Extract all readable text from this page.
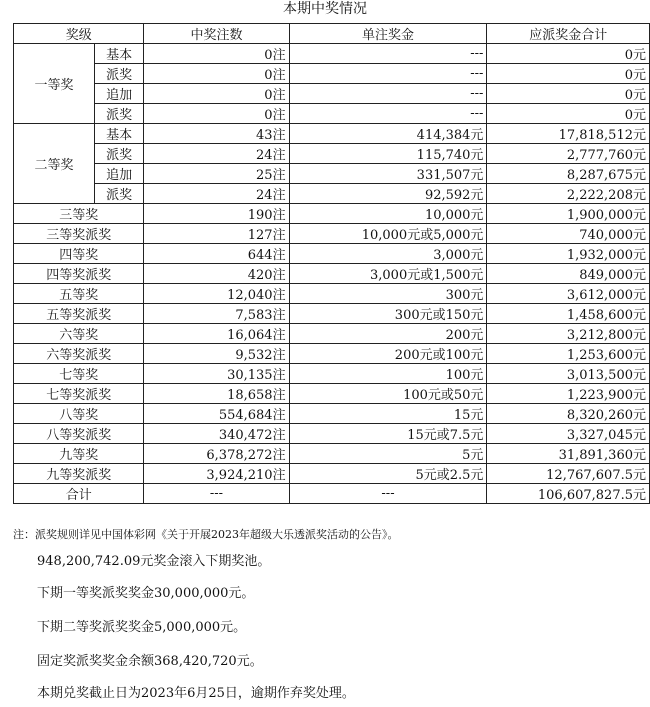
本期中奖情况
奖级		中奖注数	单注奖金	应派奖金合计
一等奖	基本	0注	---	0元
	派奖	0注	---	0元
	追加	0注	---	0元
	派奖	0注	---	0元
二等奖	基本	43注	414,384元	17,818,512元
	派奖	24注	115,740元	2,777,760元
	追加	25注	331,507元	8,287,675元
	派奖	24注	92,592元	2,222,208元
三等奖		190注	10,000元	1,900,000元
三等奖派奖		127注	10,000元或5,000元	740,000元
四等奖		644注	3,000元	1,932,000元
四等奖派奖		420注	3,000元或1,500元	849,000元
五等奖		12,040注	300元	3,612,000元
五等奖派奖		7,583注	300元或150元	1,458,600元
六等奖		16,064注	200元	3,212,800元
六等奖派奖		9,532注	200元或100元	1,253,600元
七等奖		30,135注	100元	3,013,500元
七等奖派奖		18,658注	100元或50元	1,223,900元
八等奖		554,684注	15元	8,320,260元
八等奖派奖		340,472注	15元或7.5元	3,327,045元
九等奖		6,378,272注	5元	31,891,360元
九等奖派奖		3,924,210注	5元或2.5元	12,767,607.5元
合计		---	---	106,607,827.5元
注：派奖规则详见中国体彩网《关于开展2023年超级大乐透派奖活动的公告》。
948,200,742.09元奖金滚入下期奖池。
下期一等奖派奖奖金30,000,000元。
下期二等奖派奖奖金5,000,000元。
固定奖派奖奖金余额368,420,720元。
本期兑奖截止日为2023年6月25日，逾期作弃奖处理。
